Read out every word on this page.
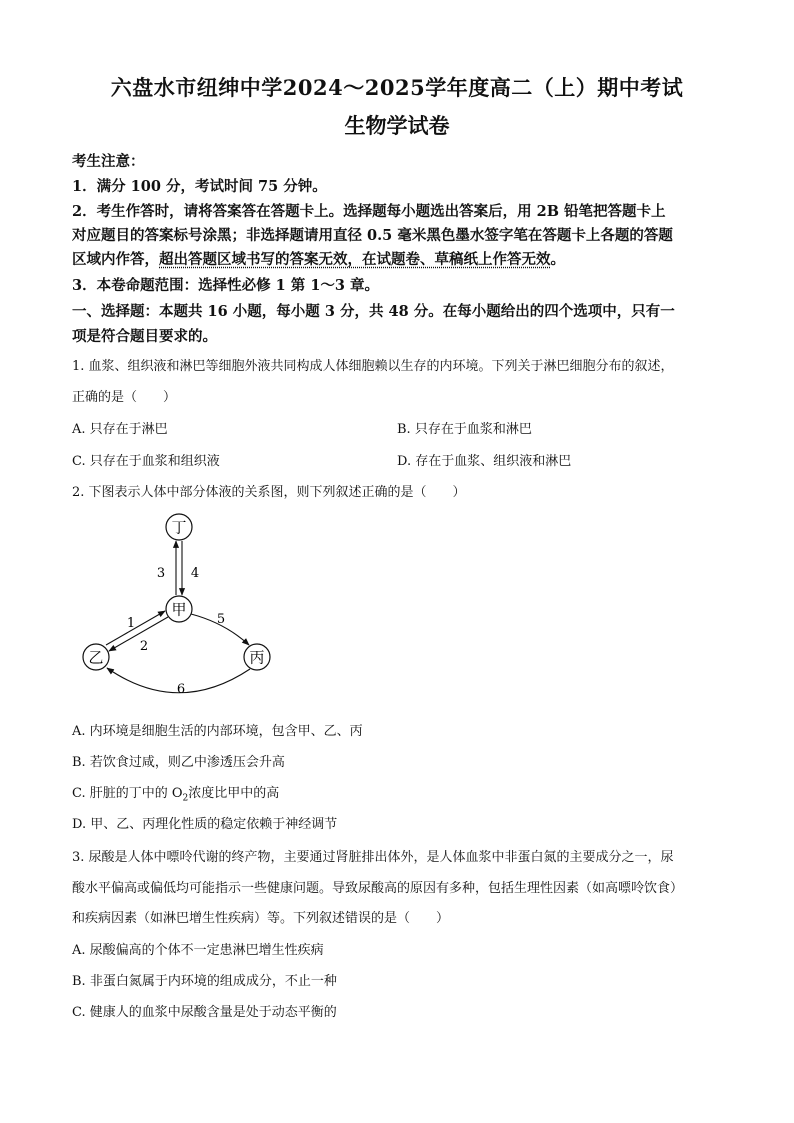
六盘水市纽绅中学2024～2025学年度高二（上）期中考试
生物学试卷
考生注意：
1．满分 100 分，考试时间 75 分钟。
2．考生作答时，请将答案答在答题卡上。选择题每小题选出答案后，用 2B 铅笔把答题卡上
对应题目的答案标号涂黑；非选择题请用直径 0.5 毫米黑色墨水签字笔在答题卡上各题的答题
区域内作答，超出答题区域书写的答案无效，在试题卷、草稿纸上作答无效。
3．本卷命题范围：选择性必修 1 第 1～3 章。
一、选择题：本题共 16 小题，每小题 3 分，共 48 分。在每小题给出的四个选项中，只有一
项是符合题目要求的。
1. 血浆、组织液和淋巴等细胞外液共同构成人体细胞赖以生存的内环境。下列关于淋巴细胞分布的叙述，
正确的是（　　）
A. 只存在于淋巴	B. 只存在于血浆和淋巴
C. 只存在于血浆和组织液	D. 存在于血浆、组织液和淋巴
2. 下图表示人体中部分体液的关系图，则下列叙述正确的是（　　）
丁
甲
乙	丙
3 4
1
2
5
6
A. 内环境是细胞生活的内部环境，包含甲、乙、丙
B. 若饮食过咸，则乙中渗透压会升高
C. 肝脏的丁中的 $O_2$浓度比甲中的高
D. 甲、乙、丙理化性质的稳定依赖于神经调节
3. 尿酸是人体中嘌呤代谢的终产物，主要通过肾脏排出体外，是人体血浆中非蛋白氮的主要成分之一，尿
酸水平偏高或偏低均可能指示一些健康问题。导致尿酸高的原因有多种，包括生理性因素（如高嘌呤饮食）
和疾病因素（如淋巴增生性疾病）等。下列叙述错误的是（　　）
A. 尿酸偏高的个体不一定患淋巴增生性疾病
B. 非蛋白氮属于内环境的组成成分，不止一种
C. 健康人的血浆中尿酸含量是处于动态平衡的
